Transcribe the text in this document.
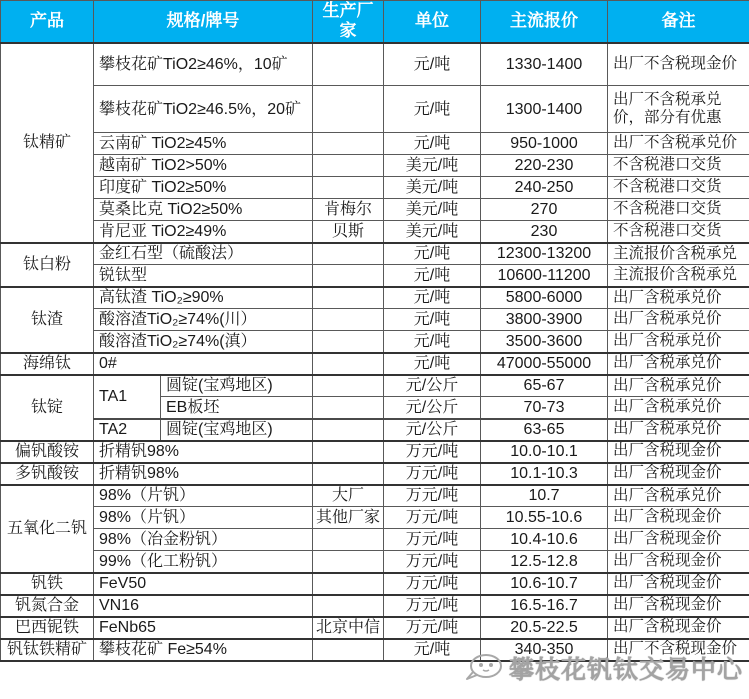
产品	规格/牌号		生产厂家	单位	主流报价	备注
钛精矿	攀枝花矿TiO2≥46%，10矿			元/吨	1330-1400	出厂不含税现金价
	攀枝花矿TiO2≥46.5%，20矿			元/吨	1300-1400	出厂不含税承兑价，部分有优惠
	云南矿 TiO2≥45%			元/吨	950-1000	出厂不含税承兑价
	越南矿 TiO2>50%			美元/吨	220-230	不含税港口交货
	印度矿 TiO2≥50%			美元/吨	240-250	不含税港口交货
	莫桑比克 TiO2≥50%		肯梅尔	美元/吨	270	不含税港口交货
	肯尼亚 TiO2≥49%		贝斯	美元/吨	230	不含税港口交货
钛白粉	金红石型（硫酸法）			元/吨	12300-13200	主流报价含税承兑
	锐钛型			元/吨	10600-11200	主流报价含税承兑
钛渣	高钛渣 TiO₂≥90%			元/吨	5800-6000	出厂含税承兑价
	酸溶渣TiO₂≥74%(川）			元/吨	3800-3900	出厂含税承兑价
	酸溶渣TiO₂≥74%(滇）			元/吨	3500-3600	出厂含税承兑价
海绵钛	0#			元/吨	47000-55000	出厂含税承兑价
钛锭	TA1	圆锭(宝鸡地区)		元/公斤	65-67	出厂含税承兑价
		EB板坯		元/公斤	70-73	出厂含税承兑价
	TA2	圆锭(宝鸡地区)		元/公斤	63-65	出厂含税承兑价
偏钒酸铵	折精钒98%			万元/吨	10.0-10.1	出厂含税现金价
多钒酸铵	折精钒98%			万元/吨	10.1-10.3	出厂含税现金价
五氧化二钒	98%（片钒）		大厂	万元/吨	10.7	出厂含税承兑价
	98%（片钒）		其他厂家	万元/吨	10.55-10.6	出厂含税现金价
	98%（冶金粉钒）			万元/吨	10.4-10.6	出厂含税现金价
	99%（化工粉钒）			万元/吨	12.5-12.8	出厂含税现金价
钒铁	FeV50			万元/吨	10.6-10.7	出厂含税现金价
钒氮合金	VN16			万元/吨	16.5-16.7	出厂含税现金价
巴西铌铁	FeNb65		北京中信	万元/吨	20.5-22.5	出厂含税现金价
钒钛铁精矿	攀枝花矿 Fe≥54%			元/吨	340-350	出厂不含税现金价
攀枝花钒钛交易中心
